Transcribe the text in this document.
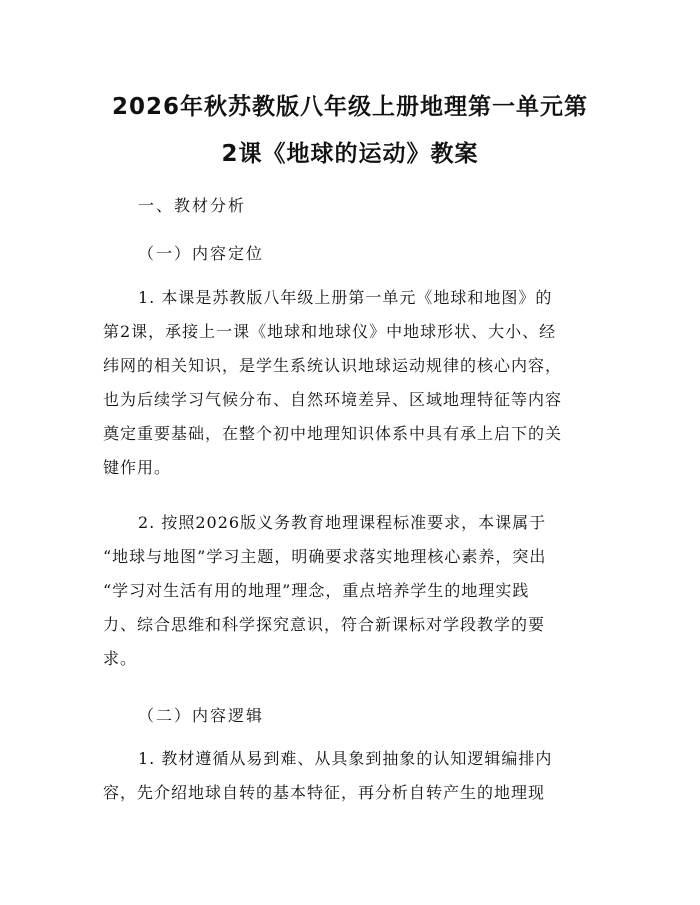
2026年秋苏教版八年级上册地理第一单元第
2课《地球的运动》教案
一、教材分析
（一）内容定位
1. 本课是苏教版八年级上册第一单元《地球和地图》的
第2课，承接上一课《地球和地球仪》中地球形状、大小、经
纬网的相关知识，是学生系统认识地球运动规律的核心内容，
也为后续学习气候分布、自然环境差异、区域地理特征等内容
奠定重要基础，在整个初中地理知识体系中具有承上启下的关
键作用。
2. 按照2026版义务教育地理课程标准要求，本课属于
“地球与地图”学习主题，明确要求落实地理核心素养，突出
“学习对生活有用的地理”理念，重点培养学生的地理实践
力、综合思维和科学探究意识，符合新课标对学段教学的要
求。
（二）内容逻辑
1. 教材遵循从易到难、从具象到抽象的认知逻辑编排内
容，先介绍地球自转的基本特征，再分析自转产生的地理现
